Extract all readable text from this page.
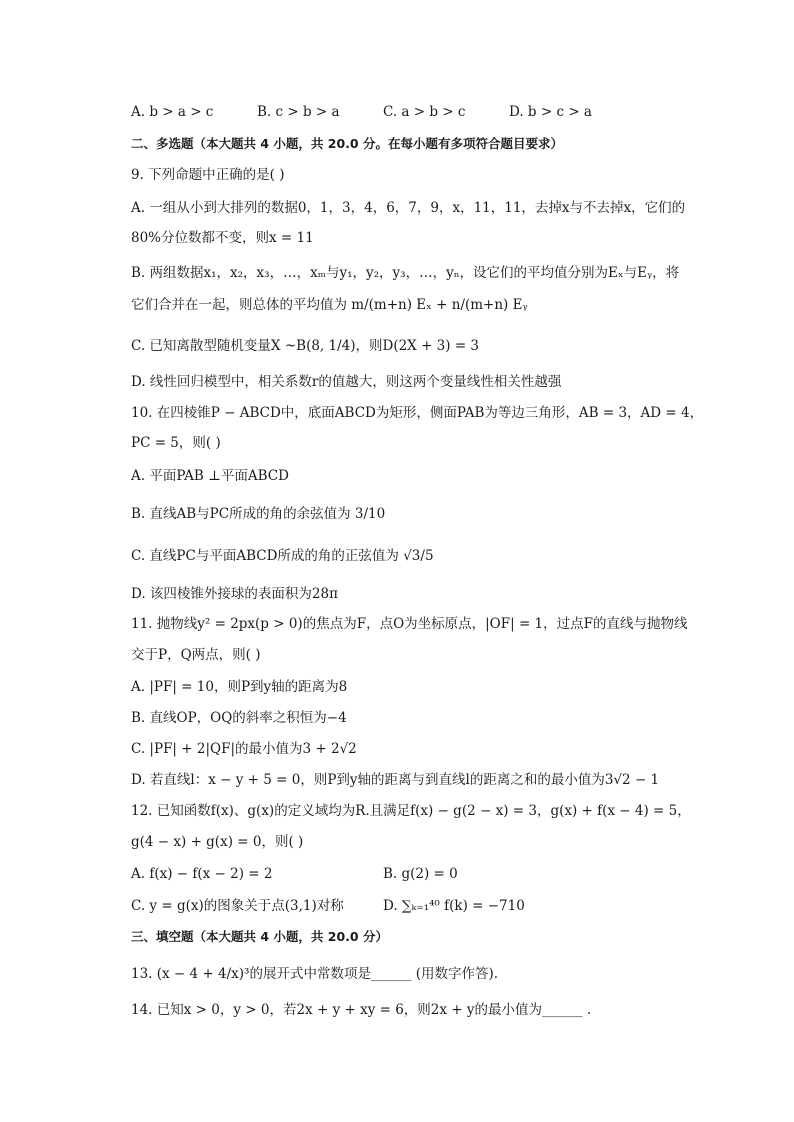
A. b > a > c	B. c > b > a	C. a > b > c	D. b > c > a
二、多选题（本大题共 4 小题，共 20.0 分。在每小题有多项符合题目要求）
9. 下列命题中正确的是( )
A. 一组从小到大排列的数据0，1，3，4，6，7，9，x，11，11，去掉x与不去掉x，它们的
80%分位数都不变，则x = 11
B. 两组数据x₁，x₂，x₃，…，xₘ与y₁，y₂，y₃，…，yₙ，设它们的平均值分别为Eₓ与Eᵧ，将
它们合并在一起，则总体的平均值为 m/(m+n) Eₓ + n/(m+n) Eᵧ
C. 已知离散型随机变量X ~B(8, 1/4)，则D(2X + 3) = 3
D. 线性回归模型中，相关系数r的值越大，则这两个变量线性相关性越强
10. 在四棱锥P − ABCD中，底面ABCD为矩形，侧面PAB为等边三角形，AB = 3，AD = 4，
PC = 5，则( )
A. 平面PAB ⊥平面ABCD
B. 直线AB与PC所成的角的余弦值为 3/10
C. 直线PC与平面ABCD所成的角的正弦值为 √3/5
D. 该四棱锥外接球的表面积为28π
11. 抛物线y² = 2px(p > 0)的焦点为F，点O为坐标原点，|OF| = 1，过点F的直线与抛物线
交于P，Q两点，则( )
A. |PF| = 10，则P到y轴的距离为8
B. 直线OP，OQ的斜率之积恒为−4
C. |PF| + 2|QF|的最小值为3 + 2√2
D. 若直线l：x − y + 5 = 0，则P到y轴的距离与到直线l的距离之和的最小值为3√2 − 1
12. 已知函数f(x)、g(x)的定义域均为R.且满足f(x) − g(2 − x) = 3，g(x) + f(x − 4) = 5，
g(4 − x) + g(x) = 0，则( )
A. f(x) − f(x − 2) = 2	B. g(2) = 0
C. y = g(x)的图象关于点(3,1)对称	D. ∑ₖ₌₁⁴⁰ f(k) = −710
三、填空题（本大题共 4 小题，共 20.0 分）
13. (x − 4 + 4/x)³的展开式中常数项是______ (用数字作答).
14. 已知x > 0，y > 0，若2x + y + xy = 6，则2x + y的最小值为______ .
